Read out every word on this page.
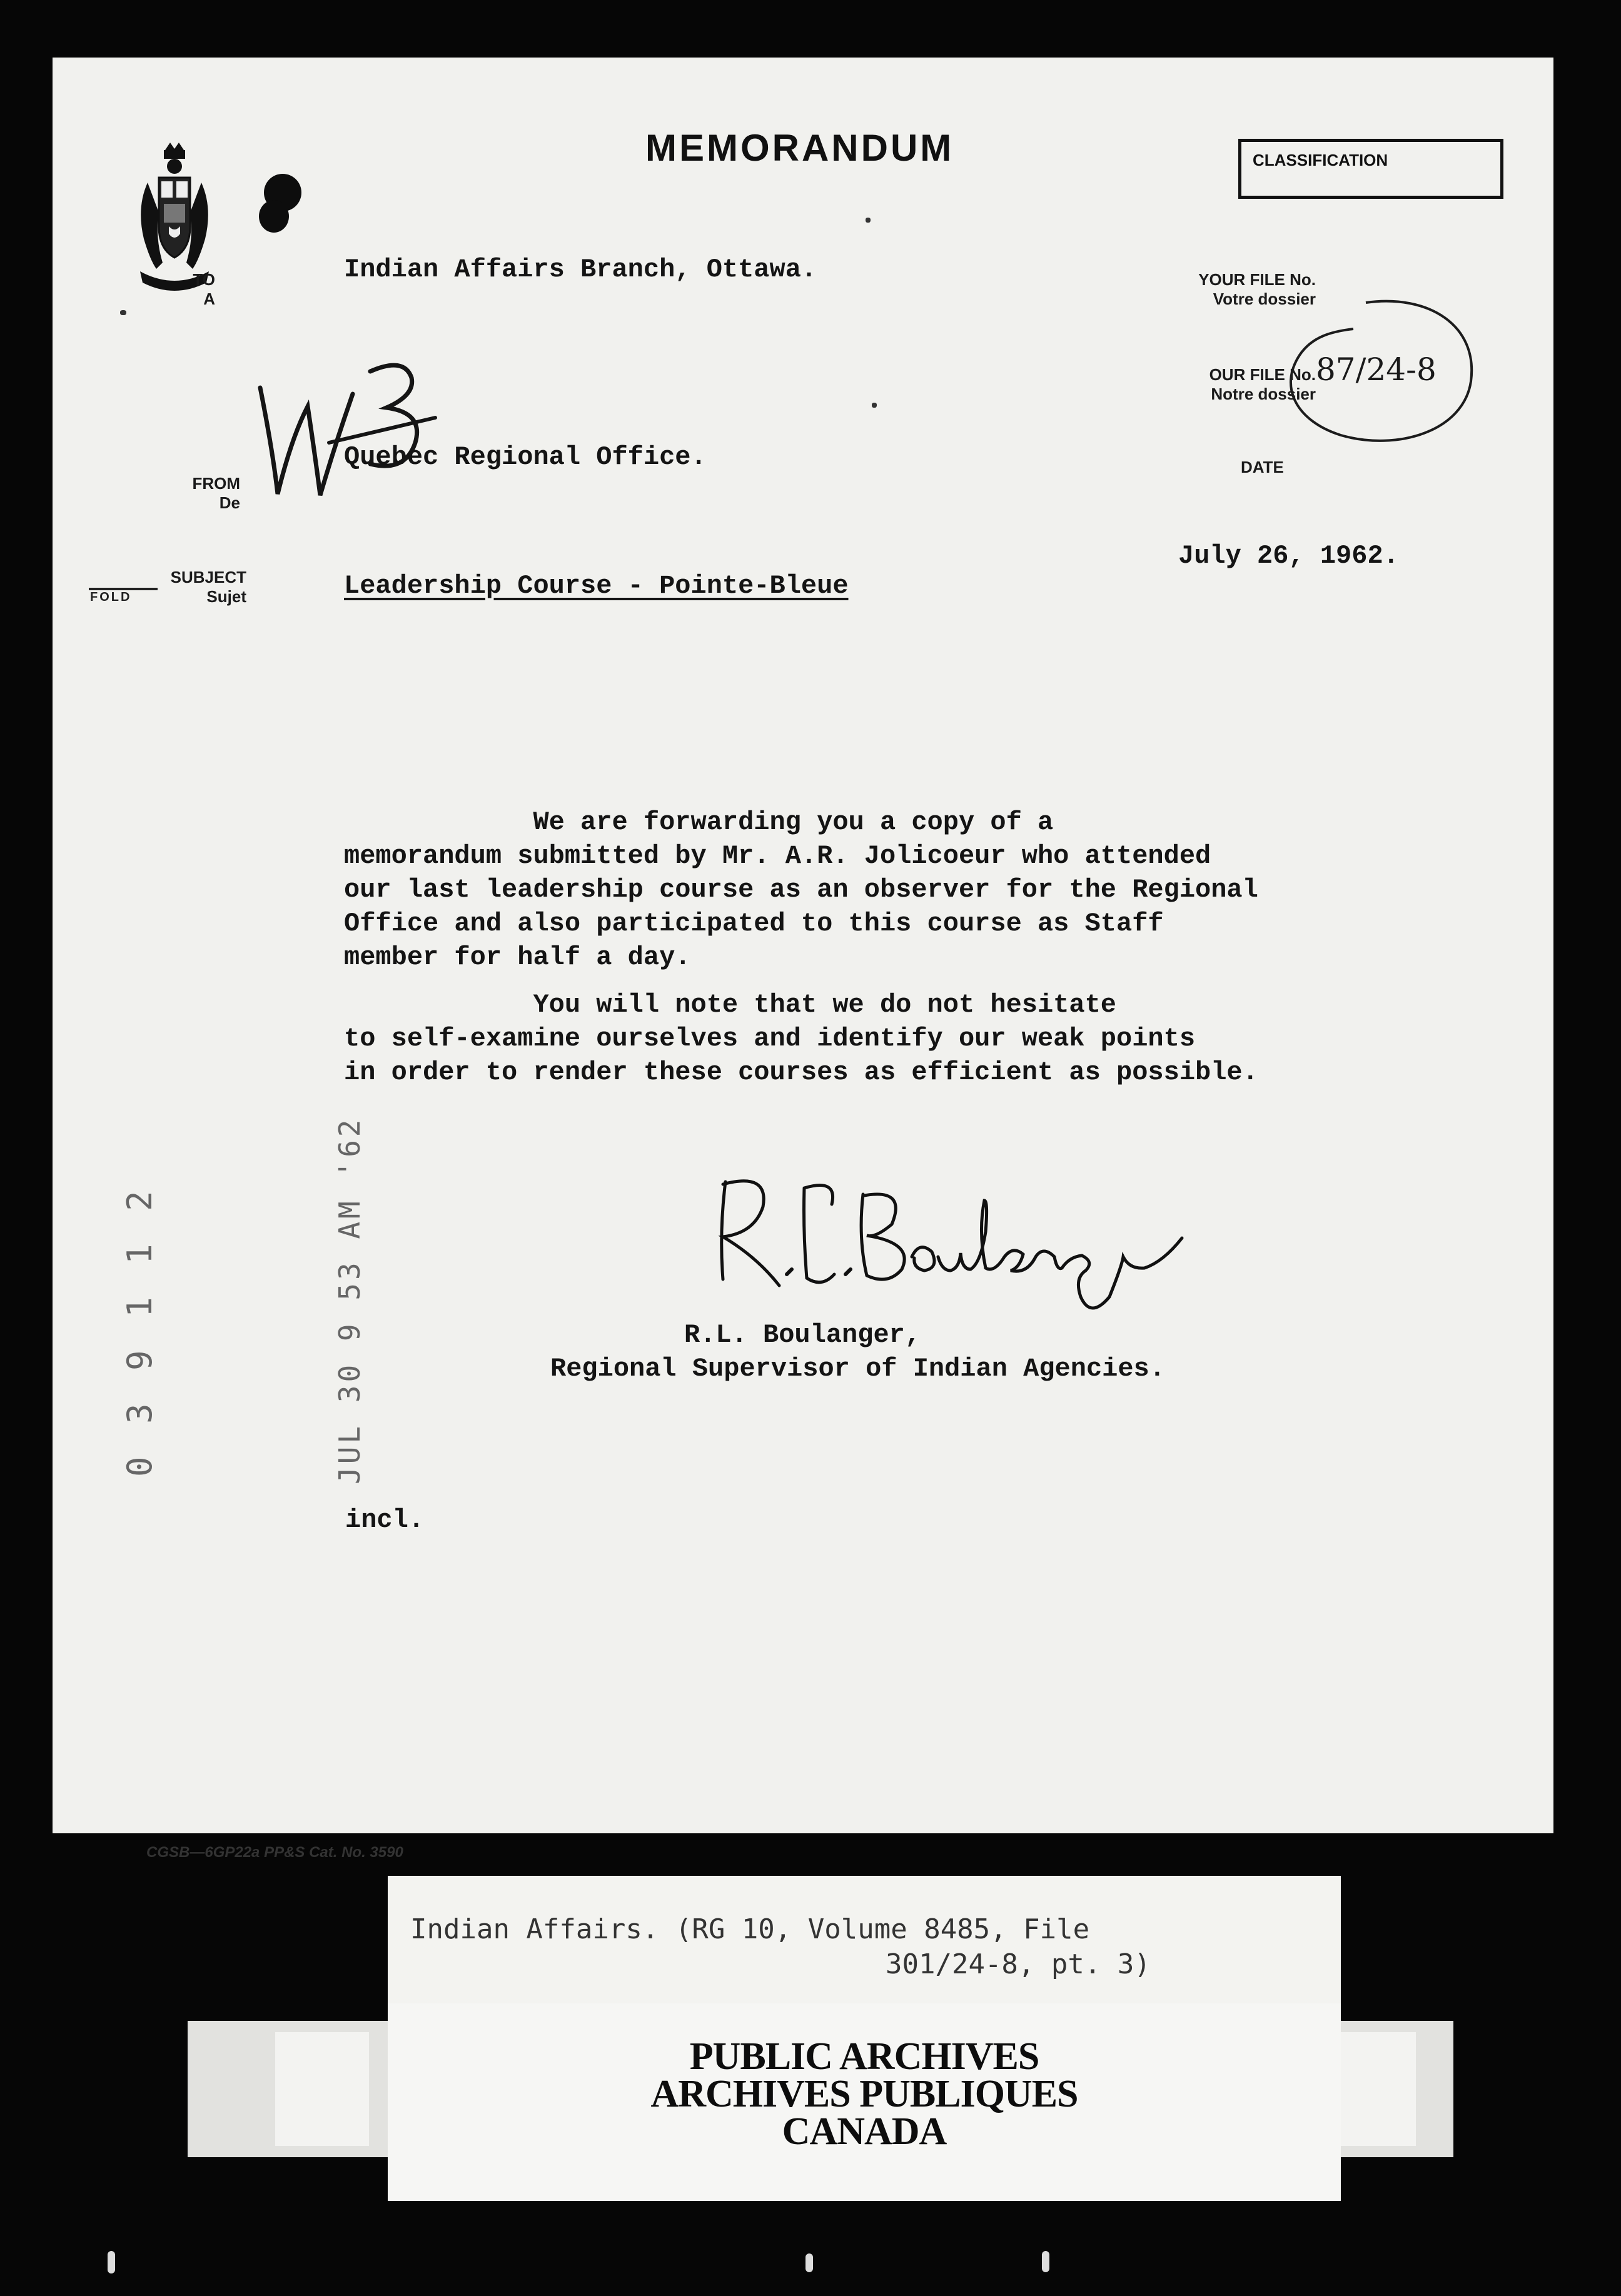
MEMORANDUM	CLASSIFICATION
TO
A
Indian Affairs Branch, Ottawa.	YOUR FILE No.
Votre dossier
OUR FILE No.
Notre dossier
87/24-8
FROM
De
Quebec Regional Office.	DATE
July 26, 1962.
FOLD
SUBJECT
Sujet	Leadership Course - Pointe-Bleue
We are forwarding you a copy of a
memorandum submitted by Mr. A.R. Jolicoeur who attended
our last leadership course as an observer for the Regional
Office and also participated to this course as Staff
member for half a day.
You will note that we do not hesitate
to self-examine ourselves and identify our weak points
in order to render these courses as efficient as possible.
0 3 9 1 1 2	JUL 30 9 53 AM '62	R.L. Boulanger,
Regional Supervisor of Indian Agencies.
incl.
CGSB—6GP22a PP&S Cat. No. 3590
Indian Affairs. (RG 10, Volume 8485, File
301/24-8, pt. 3)
PUBLIC ARCHIVES
ARCHIVES PUBLIQUES
CANADA
